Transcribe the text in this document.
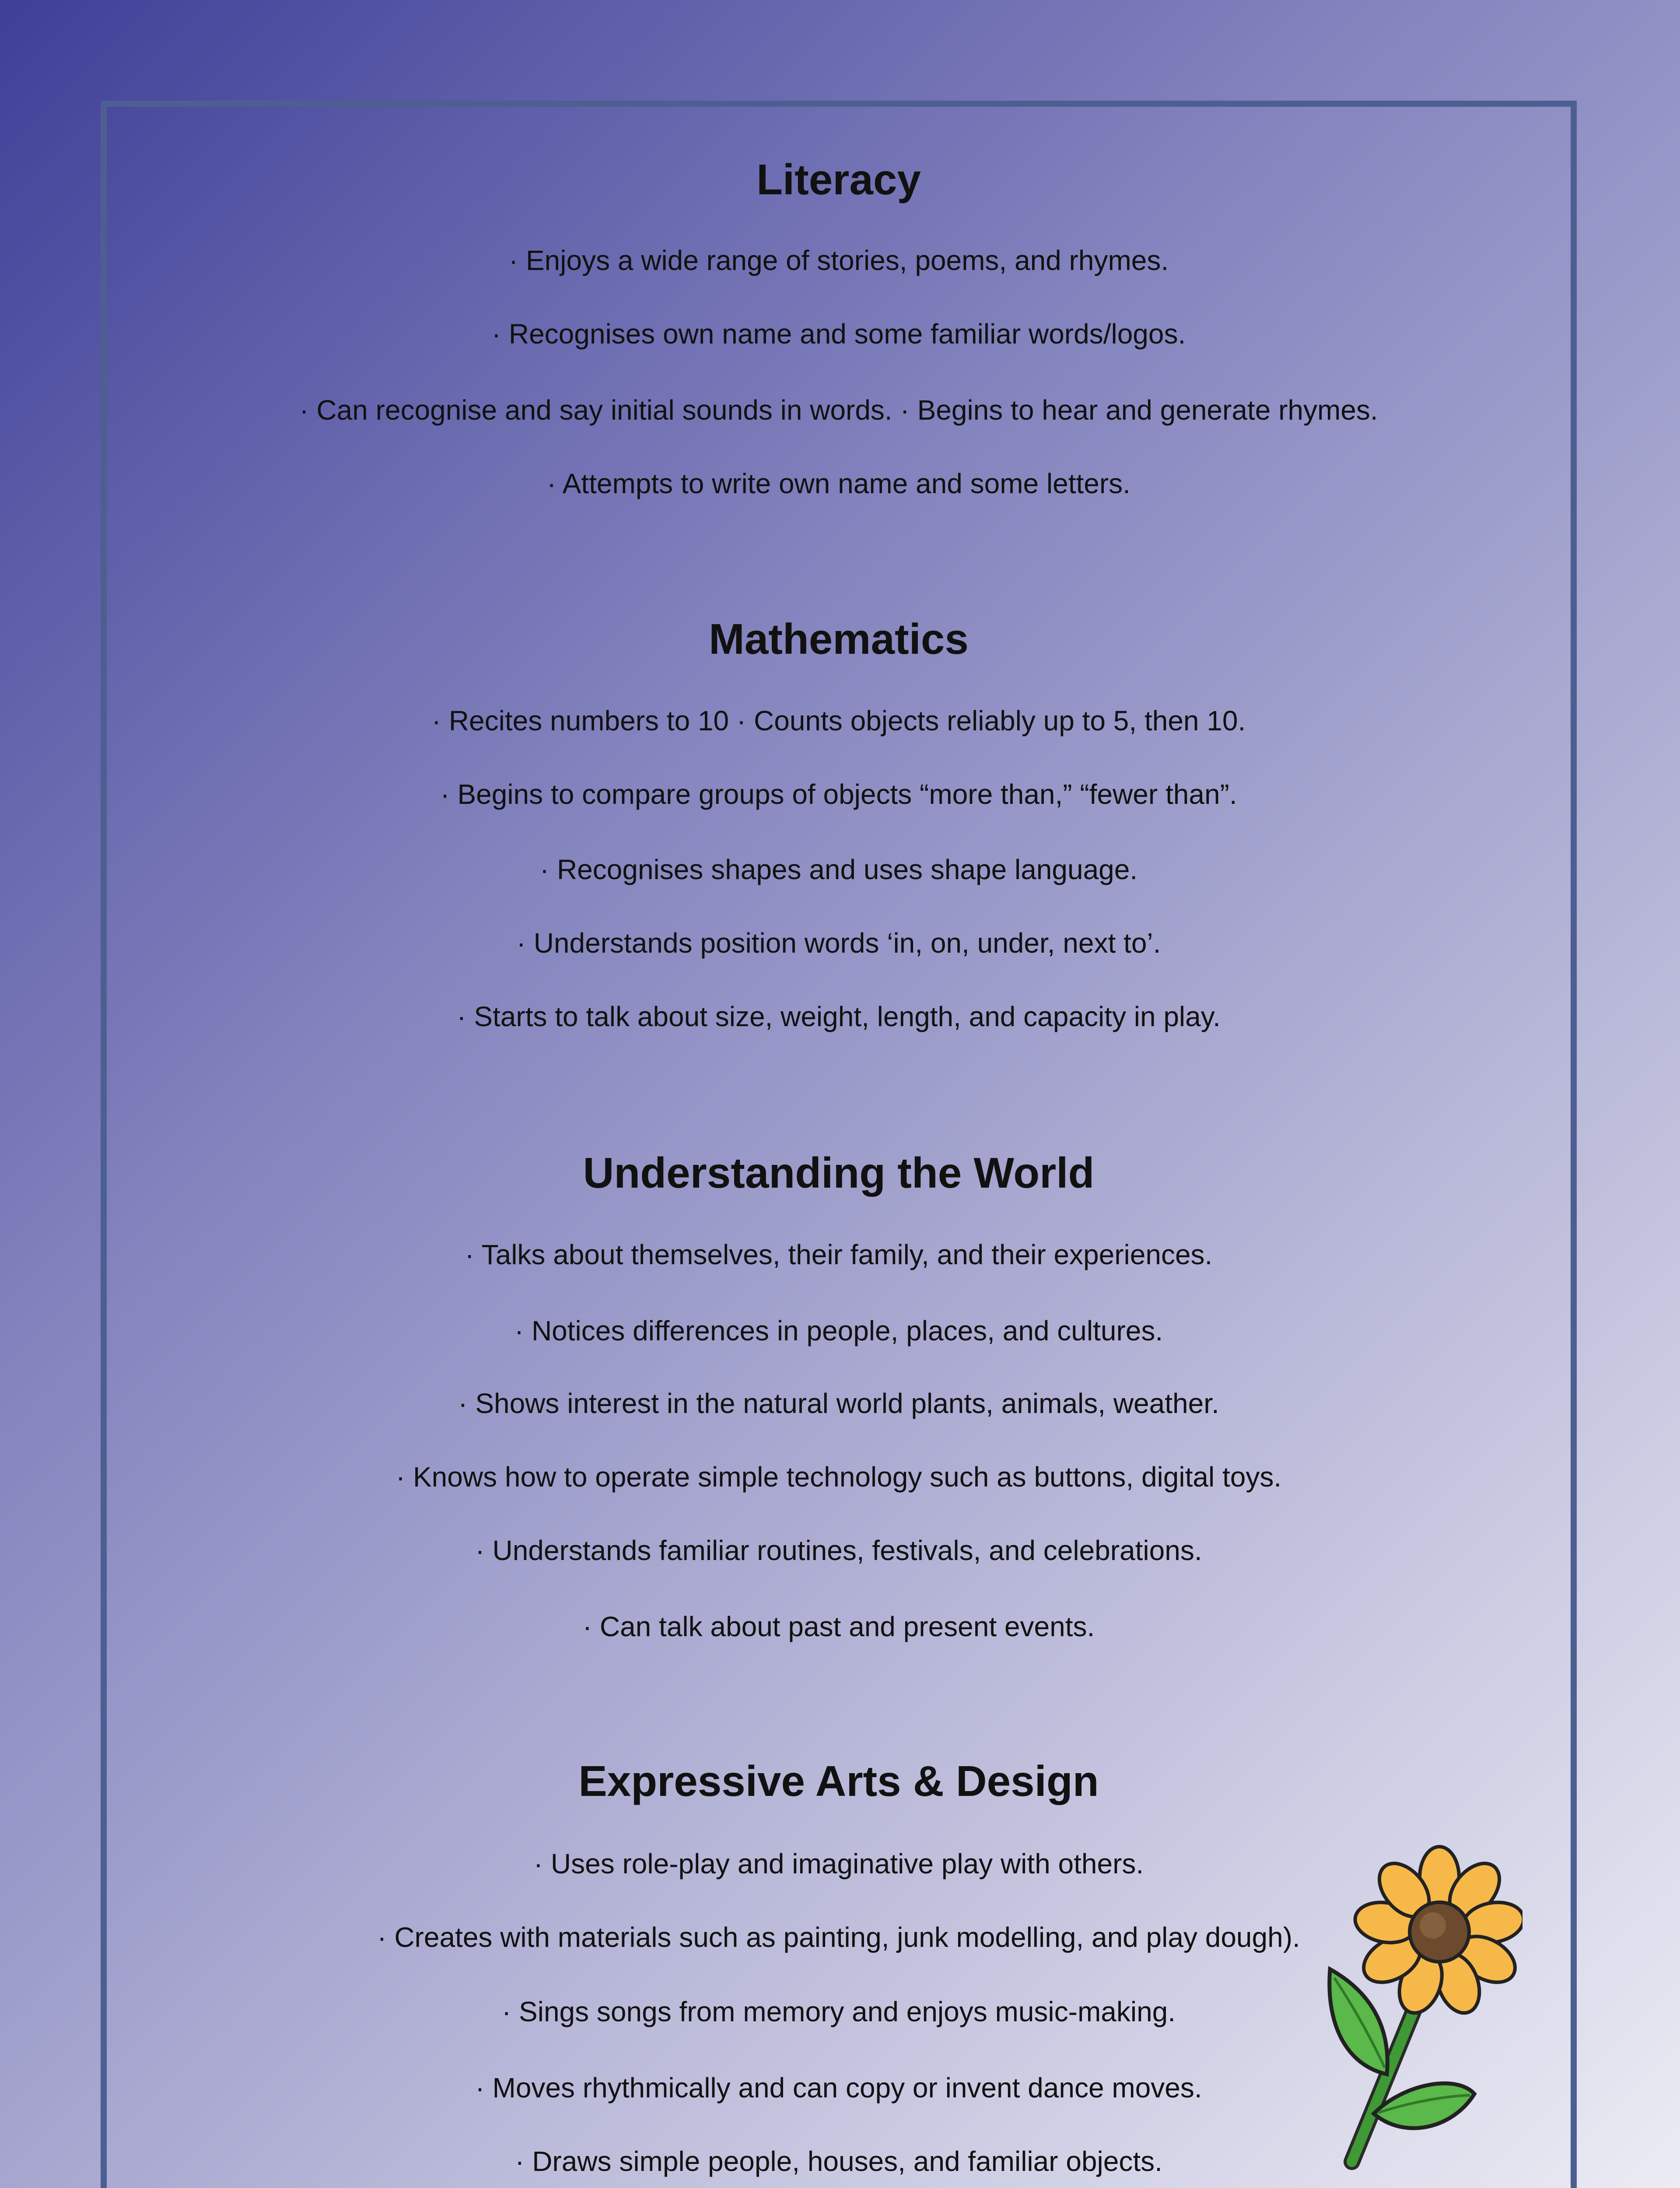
Literacy

· Enjoys a wide range of stories, poems, and rhymes.

· Recognises own name and some familiar words/logos.

· Can recognise and say initial sounds in words. · Begins to hear and generate rhymes.

· Attempts to write own name and some letters.

Mathematics

· Recites numbers to 10 · Counts objects reliably up to 5, then 10.

· Begins to compare groups of objects “more than,” “fewer than”.

· Recognises shapes and uses shape language.

· Understands position words ‘in, on, under, next to’.

· Starts to talk about size, weight, length, and capacity in play.

Understanding the World

· Talks about themselves, their family, and their experiences.

· Notices differences in people, places, and cultures.

· Shows interest in the natural world plants, animals, weather.

· Knows how to operate simple technology such as buttons, digital toys.

· Understands familiar routines, festivals, and celebrations.

· Can talk about past and present events.

Expressive Arts & Design

· Uses role-play and imaginative play with others.

· Creates with materials such as painting, junk modelling, and play dough).

· Sings songs from memory and enjoys music-making.

· Moves rhythmically and can copy or invent dance moves.

· Draws simple people, houses, and familiar objects.
